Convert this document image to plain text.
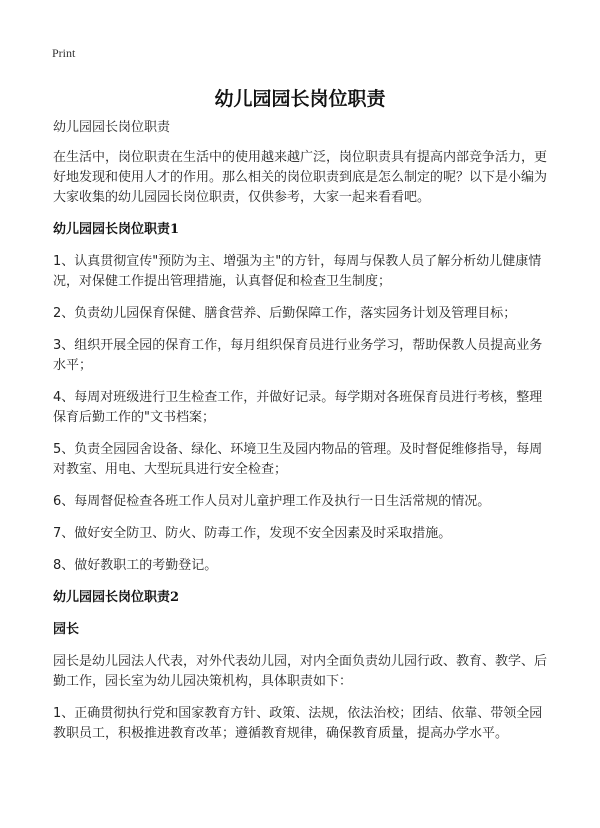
Print
幼儿园园长岗位职责

幼儿园园长岗位职责

在生活中，岗位职责在生活中的使用越来越广泛，岗位职责具有提高内部竞争活力，更好地发现和使用人才的作用。那么相关的岗位职责到底是怎么制定的呢？以下是小编为大家收集的幼儿园园长岗位职责，仅供参考，大家一起来看看吧。

幼儿园园长岗位职责1

1、认真贯彻宣传"预防为主、增强为主"的方针，每周与保教人员了解分析幼儿健康情况，对保健工作提出管理措施，认真督促和检查卫生制度；

2、负责幼儿园保育保健、膳食营养、后勤保障工作，落实园务计划及管理目标；

3、组织开展全园的保育工作，每月组织保育员进行业务学习，帮助保教人员提高业务水平；

4、每周对班级进行卫生检查工作，并做好记录。每学期对各班保育员进行考核，整理保育后勤工作的"文书档案；

5、负责全园园舍设备、绿化、环境卫生及园内物品的管理。及时督促维修指导，每周对教室、用电、大型玩具进行安全检查；

6、每周督促检查各班工作人员对儿童护理工作及执行一日生活常规的情况。

7、做好安全防卫、防火、防毒工作，发现不安全因素及时采取措施。

8、做好教职工的考勤登记。

幼儿园园长岗位职责2
园长

园长是幼儿园法人代表，对外代表幼儿园，对内全面负责幼儿园行政、教育、教学、后勤工作，园长室为幼儿园决策机构，具体职责如下：

1、正确贯彻执行党和国家教育方针、政策、法规，依法治校；团结、依靠、带领全园教职员工，积极推进教育改革；遵循教育规律，确保教育质量，提高办学水平。
